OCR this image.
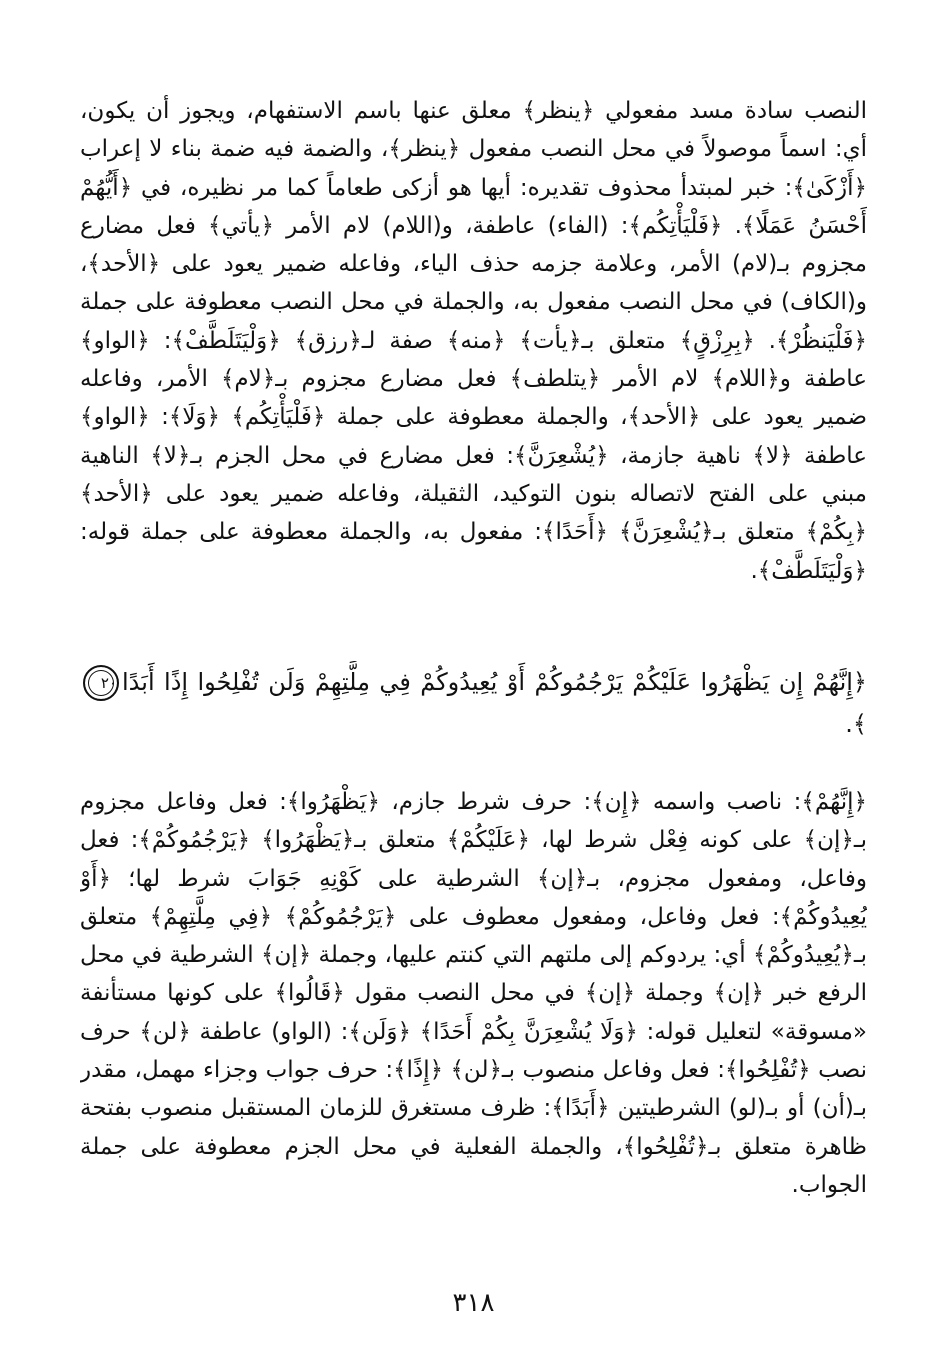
النصب سادة مسد مفعولي ﴿ينظر﴾ معلق عنها باسم الاستفهام، ويجوز أن يكون، أي: اسماً موصولاً في محل النصب مفعول ﴿ينظر﴾، والضمة فيه ضمة بناء لا إعراب ﴿أَزْكَىٰ﴾: خبر لمبتدأ محذوف تقديره: أيها هو أزكى طعاماً كما مر نظيره، في ﴿أَيُّهُمْ أَحْسَنُ عَمَلًا﴾. ﴿فَلْيَأْتِكُم﴾: (الفاء) عاطفة، و(اللام) لام الأمر ﴿يأتي﴾ فعل مضارع مجزوم بـ(لام) الأمر، وعلامة جزمه حذف الياء، وفاعله ضمير يعود على ﴿الأحد﴾، و(الكاف) في محل النصب مفعول به، والجملة في محل النصب معطوفة على جملة ﴿فَلْيَنظُرْ﴾. ﴿بِرِزْقٍ﴾ متعلق بـ﴿يأت﴾ ﴿منه﴾ صفة لـ﴿رزق﴾ ﴿وَلْيَتَلَطَّفْ﴾: ﴿الواو﴾ عاطفة و﴿اللام﴾ لام الأمر ﴿يتلطف﴾ فعل مضارع مجزوم بـ﴿لام﴾ الأمر، وفاعله ضمير يعود على ﴿الأحد﴾، والجملة معطوفة على جملة ﴿فَلْيَأْتِكُم﴾ ﴿وَلَا﴾: ﴿الواو﴾ عاطفة ﴿لا﴾ ناهية جازمة، ﴿يُشْعِرَنَّ﴾: فعل مضارع في محل الجزم بـ﴿لا﴾ الناهية مبني على الفتح لاتصاله بنون التوكيد، الثقيلة، وفاعله ضمير يعود على ﴿الأحد﴾ ﴿بِكُمْ﴾ متعلق بـ﴿يُشْعِرَنَّ﴾ ﴿أَحَدًا﴾: مفعول به، والجملة معطوفة على جملة قوله: ﴿وَلْيَتَلَطَّفْ﴾.

﴿إِنَّهُمْ إِن يَظْهَرُوا عَلَيْكُمْ يَرْجُمُوكُمْ أَوْ يُعِيدُوكُمْ فِي مِلَّتِهِمْ وَلَن تُفْلِحُوا إِذًا أَبَدًا٢٠﴾.

﴿إِنَّهُمْ﴾: ناصب واسمه ﴿إِن﴾: حرف شرط جازم، ﴿يَظْهَرُوا﴾: فعل وفاعل مجزوم بـ﴿إن﴾ على كونه فِعْل شرط لها، ﴿عَلَيْكُمْ﴾ متعلق بـ﴿يَظْهَرُوا﴾ ﴿يَرْجُمُوكُمْ﴾: فعل وفاعل، ومفعول مجزوم، بـ﴿إن﴾ الشرطية على كَوْنِهِ جَوَابَ شرط لها؛ ﴿أَوْ يُعِيدُوكُمْ﴾: فعل وفاعل، ومفعول معطوف على ﴿يَرْجُمُوكُمْ﴾ ﴿فِي مِلَّتِهِمْ﴾ متعلق بـ﴿يُعِيدُوكُمْ﴾ أي: يردوكم إلى ملتهم التي كنتم عليها، وجملة ﴿إن﴾ الشرطية في محل الرفع خبر ﴿إن﴾ وجملة ﴿إن﴾ في محل النصب مقول ﴿قَالُوا﴾ على كونها مستأنفة «مسوقة» لتعليل قوله: ﴿وَلَا يُشْعِرَنَّ بِكُمْ أَحَدًا﴾ ﴿وَلَن﴾: (الواو) عاطفة ﴿لن﴾ حرف نصب ﴿تُفْلِحُوا﴾: فعل وفاعل منصوب بـ﴿لن﴾ ﴿إِذًا﴾: حرف جواب وجزاء مهمل، مقدر بـ(أن) أو بـ(لو) الشرطيتين ﴿أَبَدًا﴾: ظرف مستغرق للزمان المستقبل منصوب بفتحة ظاهرة متعلق بـ﴿تُفْلِحُوا﴾، والجملة الفعلية في محل الجزم معطوفة على جملة الجواب.

٣١٨
